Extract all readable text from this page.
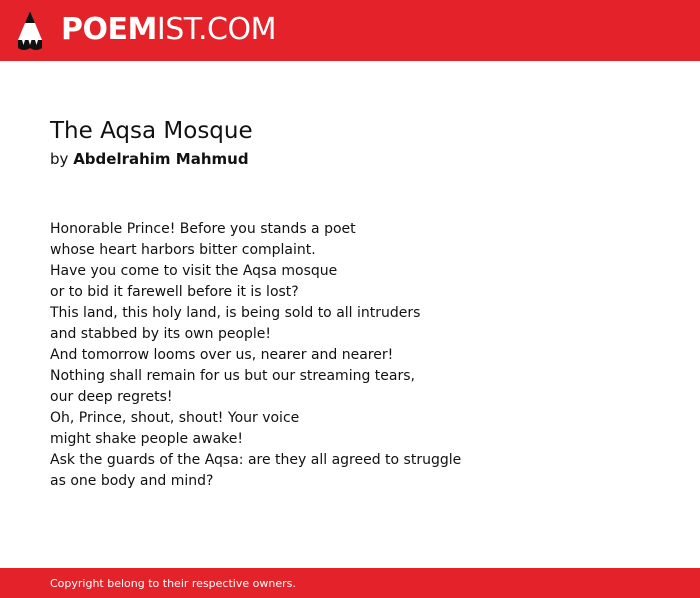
POEMIST.COM
The Aqsa Mosque
by Abdelrahim Mahmud
Honorable Prince! Before you stands a poet
whose heart harbors bitter complaint.
Have you come to visit the Aqsa mosque
or to bid it farewell before it is lost?
This land, this holy land, is being sold to all intruders
and stabbed by its own people!
And tomorrow looms over us, nearer and nearer!
Nothing shall remain for us but our streaming tears,
our deep regrets!
Oh, Prince, shout, shout! Your voice
might shake people awake!
Ask the guards of the Aqsa: are they all agreed to struggle
as one body and mind?
Copyright belong to their respective owners.
